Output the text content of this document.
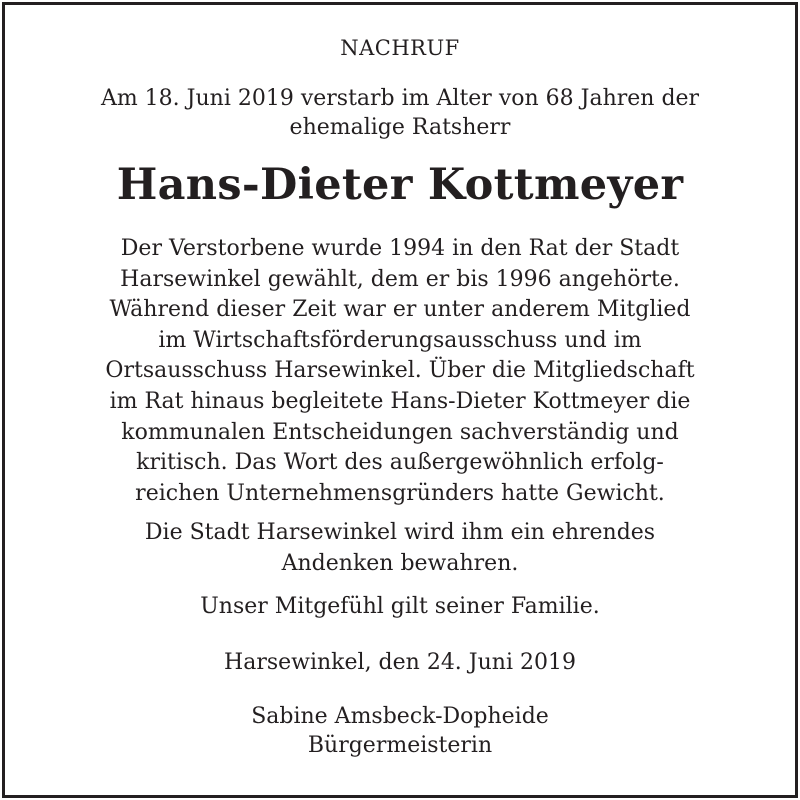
NACHRUF
Am 18. Juni 2019 verstarb im Alter von 68 Jahren der
ehemalige Ratsherr
Hans-Dieter Kottmeyer
Der Verstorbene wurde 1994 in den Rat der Stadt
Harsewinkel gewählt, dem er bis 1996 angehörte.
Während dieser Zeit war er unter anderem Mitglied
im Wirtschaftsförderungsausschuss und im
Ortsausschuss Harsewinkel. Über die Mitgliedschaft
im Rat hinaus begleitete Hans-Dieter Kottmeyer die
kommunalen Entscheidungen sachverständig und
kritisch. Das Wort des außergewöhnlich erfolg-
reichen Unternehmensgründers hatte Gewicht.
Die Stadt Harsewinkel wird ihm ein ehrendes
Andenken bewahren.
Unser Mitgefühl gilt seiner Familie.
Harsewinkel, den 24. Juni 2019
Sabine Amsbeck-Dopheide
Bürgermeisterin
